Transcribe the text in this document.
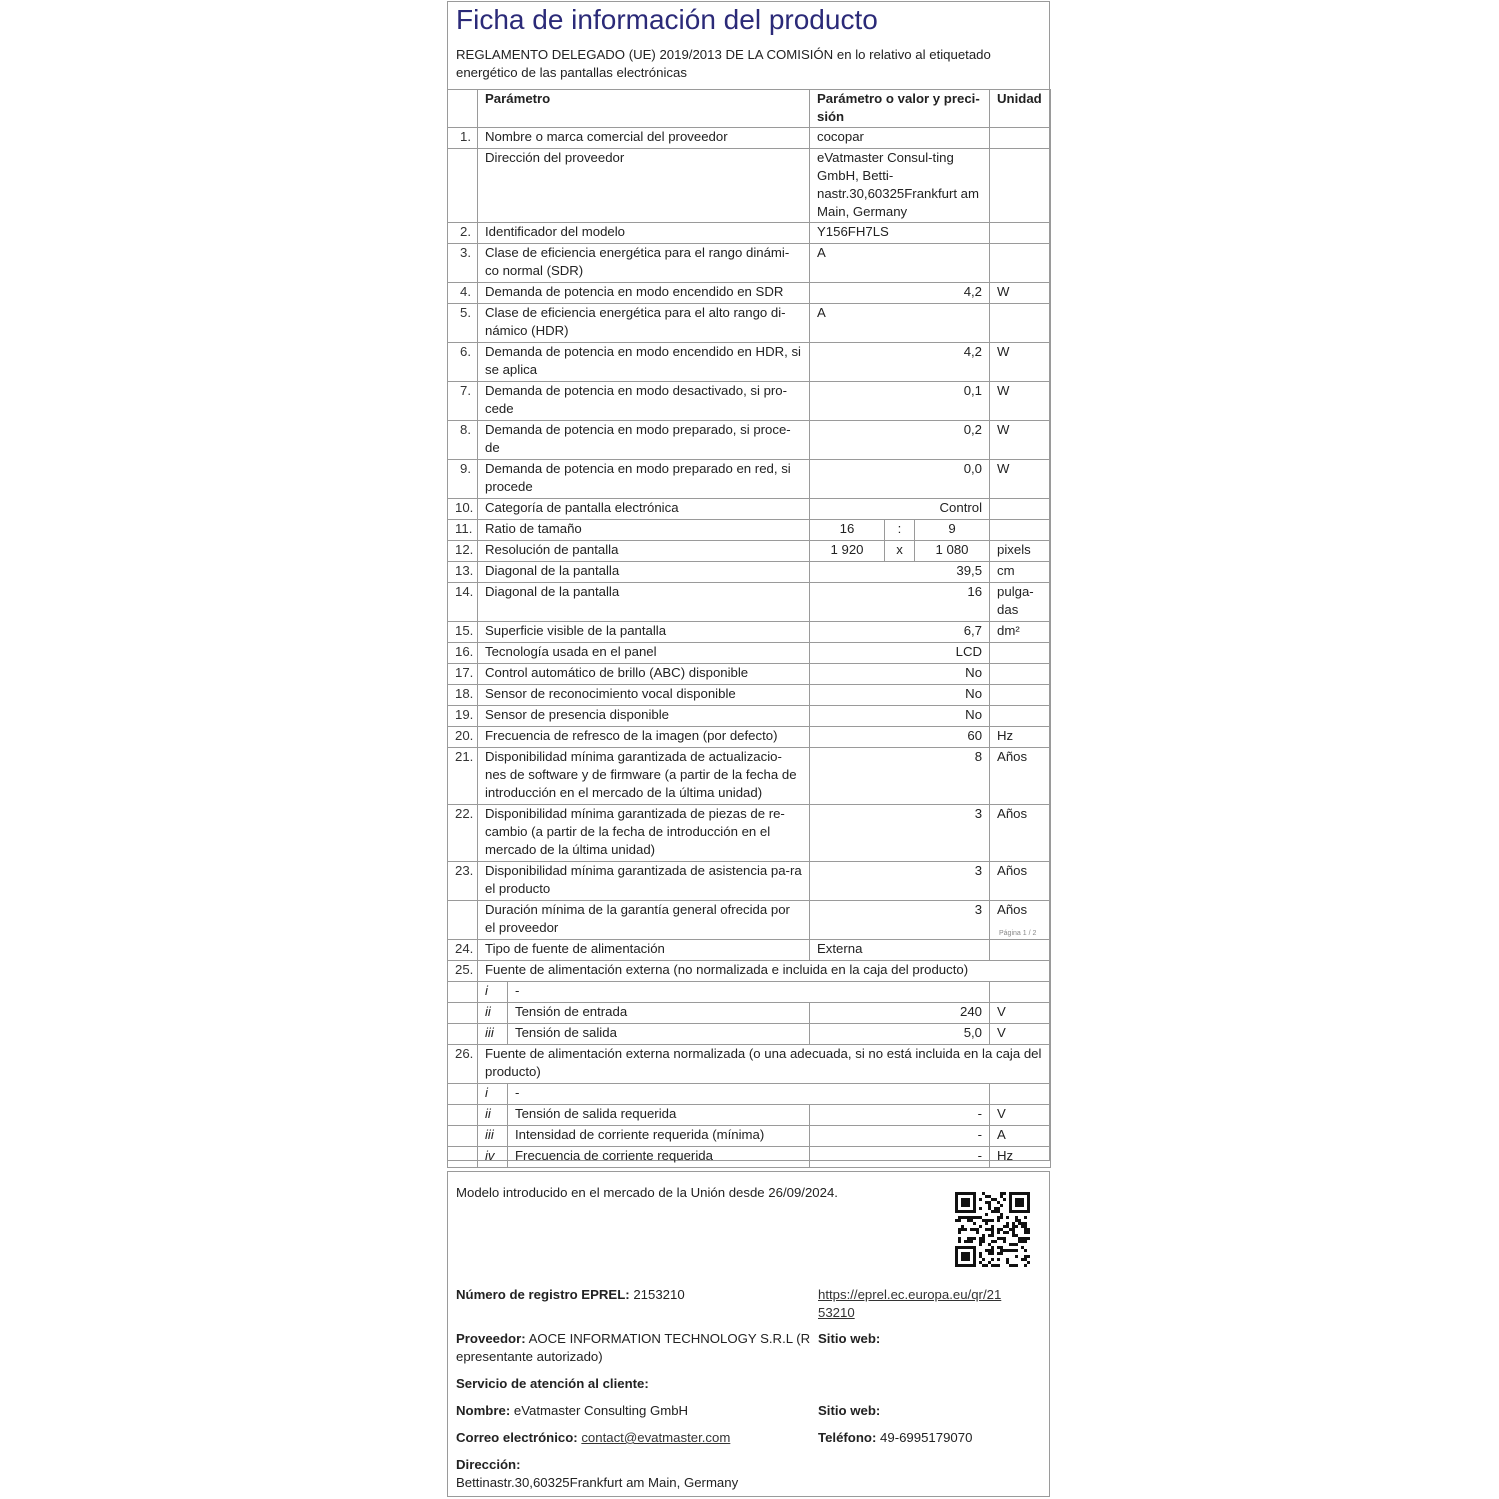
Ficha de información del producto
REGLAMENTO DELEGADO (UE) 2019/2013 DE LA COMISIÓN en lo relativo al etiquetado energético de las pantallas electrónicas
	Parámetro		Parámetro o valor y preci-sión			Unidad
1.	Nombre o marca comercial del proveedor		cocopar			
	Dirección del proveedor		eVatmaster Consul-ting GmbH, Betti-nastr.30,60325Frankfurt am Main, Germany			
2.	Identificador del modelo		Y156FH7LS			
3.	Clase de eficiencia energética para el rango dinámi-co normal (SDR)		A			
4.	Demanda de potencia en modo encendido en SDR		4,2			W
5.	Clase de eficiencia energética para el alto rango di-námico (HDR)		A			
6.	Demanda de potencia en modo encendido en HDR, si se aplica		4,2			W
7.	Demanda de potencia en modo desactivado, si pro-cede		0,1			W
8.	Demanda de potencia en modo preparado, si proce-de		0,2			W
9.	Demanda de potencia en modo preparado en red, si procede		0,0			W
10.	Categoría de pantalla electrónica		Control			
11.	Ratio de tamaño		16	:	9	
12.	Resolución de pantalla		1 920	x	1 080	pixels
13.	Diagonal de la pantalla		39,5			cm
14.	Diagonal de la pantalla		16			pulga-das
15.	Superficie visible de la pantalla		6,7			dm²
16.	Tecnología usada en el panel		LCD			
17.	Control automático de brillo (ABC) disponible		No			
18.	Sensor de reconocimiento vocal disponible		No			
19.	Sensor de presencia disponible		No			
20.	Frecuencia de refresco de la imagen (por defecto)		60			Hz
21.	Disponibilidad mínima garantizada de actualizacio-nes de software y de firmware (a partir de la fecha de introducción en el mercado de la última unidad)		8			Años
22.	Disponibilidad mínima garantizada de piezas de re-cambio (a partir de la fecha de introducción en el mercado de la última unidad)		3			Años
23.	Disponibilidad mínima garantizada de asistencia pa-ra el producto		3			Años
	Duración mínima de la garantía general ofrecida por el proveedor		3			Años
24.	Tipo de fuente de alimentación		Externa			
25.	Fuente de alimentación externa (no normalizada e incluida en la caja del producto)					
	i	-				
	ii	Tensión de entrada	240			V
	iii	Tensión de salida	5,0			V
26.	Fuente de alimentación externa normalizada (o una adecuada, si no está incluida en la caja del producto)					
	i	-				
	ii	Tensión de salida requerida	-			V
	iii	Intensidad de corriente requerida (mínima)	-			A
	iv	Frecuencia de corriente requerida	-			Hz
Página 1 / 2
Modelo introducido en el mercado de la Unión desde 26/09/2024.
Número de registro EPREL: 2153210	https://eprel.ec.europa.eu/qr/21
53210
Proveedor: AOCE INFORMATION TECHNOLOGY S.R.L (R
epresentante autorizado)
Sitio web:
Servicio de atención al cliente:
Nombre: eVatmaster Consulting GmbH	Sitio web:
Correo electrónico: contact@evatmaster.com	Teléfono: 49-6995179070
Dirección:
Bettinastr.30,60325Frankfurt am Main, Germany
